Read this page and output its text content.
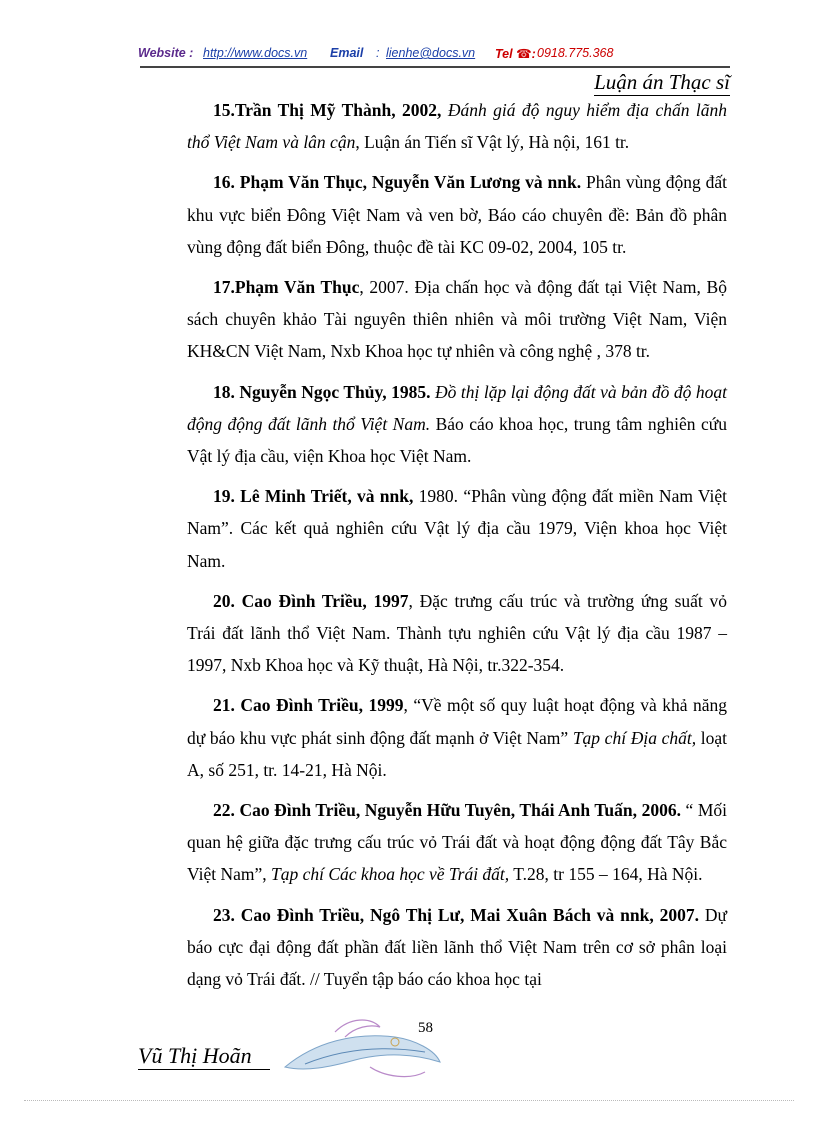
Website : http://www.docs.vn Email : lienhe@docs.vn Tel ☎: 0918.775.368
Luận án Thạc sĩ

15.Trần Thị Mỹ Thành, 2002, Đánh giá độ nguy hiểm địa chấn lãnh thổ Việt Nam và lân cận, Luận án Tiến sĩ Vật lý, Hà nội, 161 tr.

16. Phạm Văn Thục, Nguyễn Văn Lương và nnk. Phân vùng động đất khu vực biển Đông Việt Nam và ven bờ, Báo cáo chuyên đề: Bản đồ phân vùng động đất biển Đông, thuộc đề tài KC 09-02, 2004, 105 tr.

17.Phạm Văn Thục, 2007. Địa chấn học và động đất tại Việt Nam, Bộ sách chuyên khảo Tài nguyên thiên nhiên và môi trường Việt Nam, Viện KH&CN Việt Nam, Nxb Khoa học tự nhiên và công nghệ , 378 tr.

18. Nguyễn Ngọc Thủy, 1985. Đồ thị lặp lại động đất và bản đồ độ hoạt động động đất lãnh thổ Việt Nam. Báo cáo khoa học, trung tâm nghiên cứu Vật lý địa cầu, viện Khoa học Việt Nam.

19. Lê Minh Triết, và nnk, 1980. “Phân vùng động đất miền Nam Việt Nam”. Các kết quả nghiên cứu Vật lý địa cầu 1979, Viện khoa học Việt Nam.

20. Cao Đình Triều, 1997, Đặc trưng cấu trúc và trường ứng suất vỏ Trái đất lãnh thổ Việt Nam. Thành tựu nghiên cứu Vật lý địa cầu 1987 – 1997, Nxb Khoa học và Kỹ thuật, Hà Nội, tr.322-354.

21. Cao Đình Triều, 1999, “Về một số quy luật hoạt động và khả năng dự báo khu vực phát sinh động đất mạnh ở Việt Nam” Tạp chí Địa chất, loạt A, số 251, tr. 14-21, Hà Nội.

22. Cao Đình Triều, Nguyễn Hữu Tuyên, Thái Anh Tuấn, 2006. “ Mối quan hệ giữa đặc trưng cấu trúc vỏ Trái đất và hoạt động động đất Tây Bắc Việt Nam”, Tạp chí Các khoa học về Trái đất, T.28, tr 155 – 164, Hà Nội.

23. Cao Đình Triều, Ngô Thị Lư, Mai Xuân Bách và nnk, 2007. Dự báo cực đại động đất phần đất liền lãnh thổ Việt Nam trên cơ sở phân loại dạng vỏ Trái đất. // Tuyển tập báo cáo khoa học tại

58
Vũ Thị Hoãn
